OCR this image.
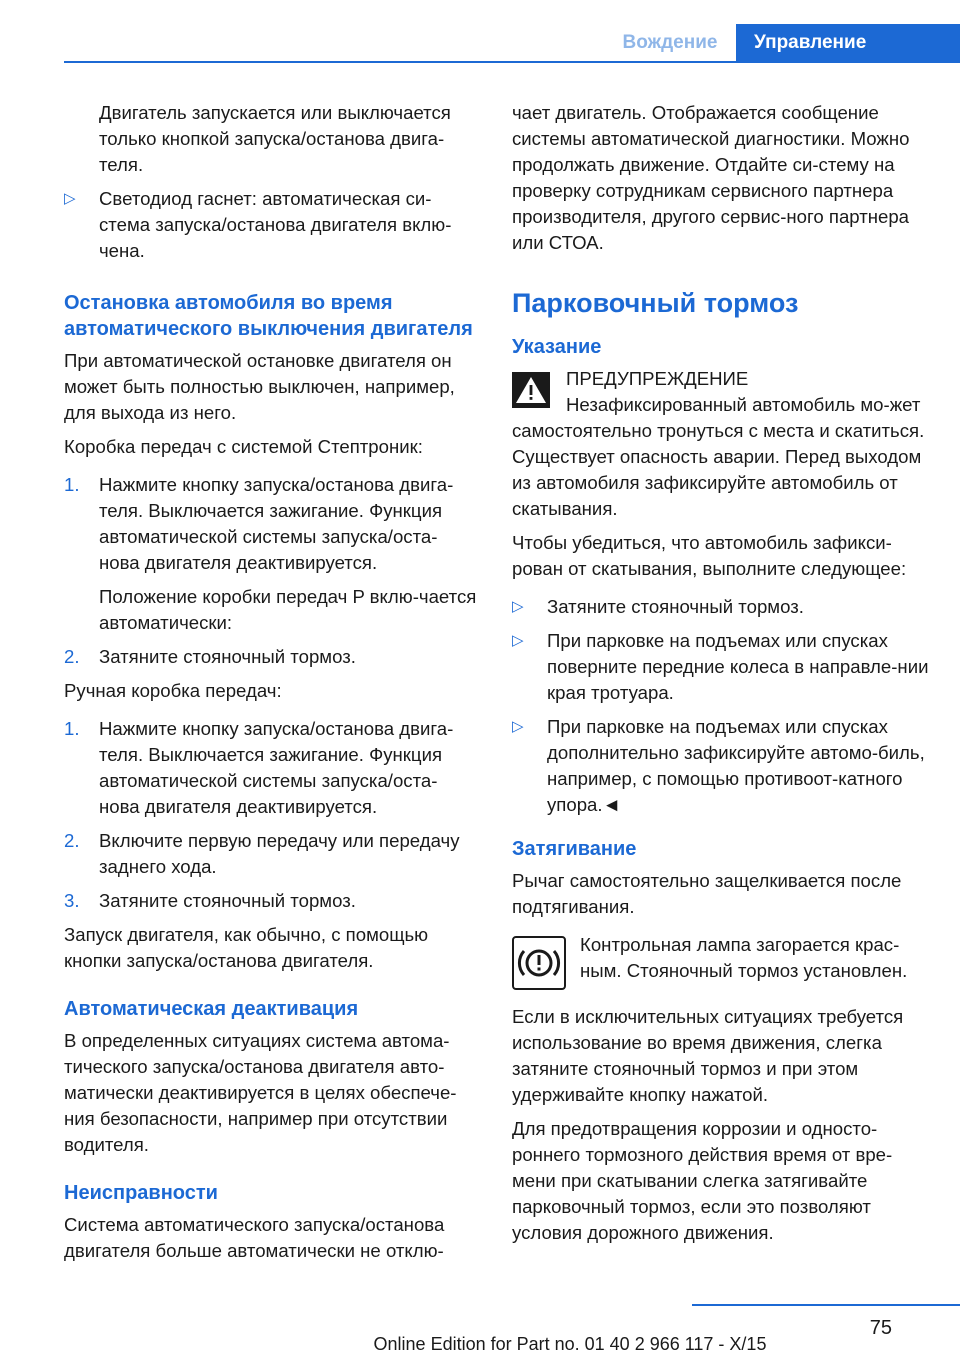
Вождение	Управление

Двигатель запускается или выключается только кнопкой запуска/останова двига‐теля.

▷ Светодиод гаснет: автоматическая си‐стема запуска/останова двигателя вклю‐чена.
Остановка автомобиля во время автоматического выключения двигателя

При автоматической остановке двигателя он может быть полностью выключен, например, для выхода из него.

Коробка передач с системой Стептроник:

1. Нажмите кнопку запуска/останова двига‐теля. Выключается зажигание. Функция автоматической системы запуска/оста‐нова двигателя деактивируется.
Положение коробки передач P вклю‐чается автоматически:
2. Затяните стояночный тормоз.

Ручная коробка передач:

1. Нажмите кнопку запуска/останова двига‐теля. Выключается зажигание. Функция автоматической системы запуска/оста‐нова двигателя деактивируется.
2. Включите первую передачу или передачу заднего хода.
3. Затяните стояночный тормоз.

Запуск двигателя, как обычно, с помощью кнопки запуска/останова двигателя.

Автоматическая деактивация

В определенных ситуациях система автома‐тического запуска/останова двигателя авто‐матически деактивируется в целях обеспече‐ния безопасности, например при отсутствии водителя.

Неисправности

Система автоматического запуска/останова двигателя больше автоматически не отклю‐

чает двигатель. Отображается сообщение системы автоматической диагностики. Можно продолжать движение. Отдайте си‐стему на проверку сотрудникам сервисного партнера производителя, другого сервис‐ного партнера или СТОА.

Парковочный тормоз
Указание

ПРЕДУПРЕЖДЕНИЕ

Незафиксированный автомобиль мо‐жет самостоятельно тронуться с места и скатиться. Существует опасность аварии. Перед выходом из автомобиля зафиксируйте автомобиль от скатывания.

Чтобы убедиться, что автомобиль зафикси‐рован от скатывания, выполните следующее:

▷ Затяните стояночный тормоз.
▷ При парковке на подъемах или спусках поверните передние колеса в направле‐нии края тротуара.
▷ При парковке на подъемах или спусках дополнительно зафиксируйте автомо‐биль, например, с помощью противоот‐катного упора.◄
Затягивание

Рычаг самостоятельно защелкивается после подтягивания.

Контрольная лампа загорается крас‐ным. Стояночный тормоз установлен.

Если в исключительных ситуациях требуется использование во время движения, слегка затяните стояночный тормоз и при этом удерживайте кнопку нажатой.

Для предотвращения коррозии и односто‐роннего тормозного действия время от вре‐мени при скатывании слегка затягивайте парковочный тормоз, если это позволяют условия дорожного движения.

75
Online Edition for Part no. 01 40 2 966 117 - X/15
